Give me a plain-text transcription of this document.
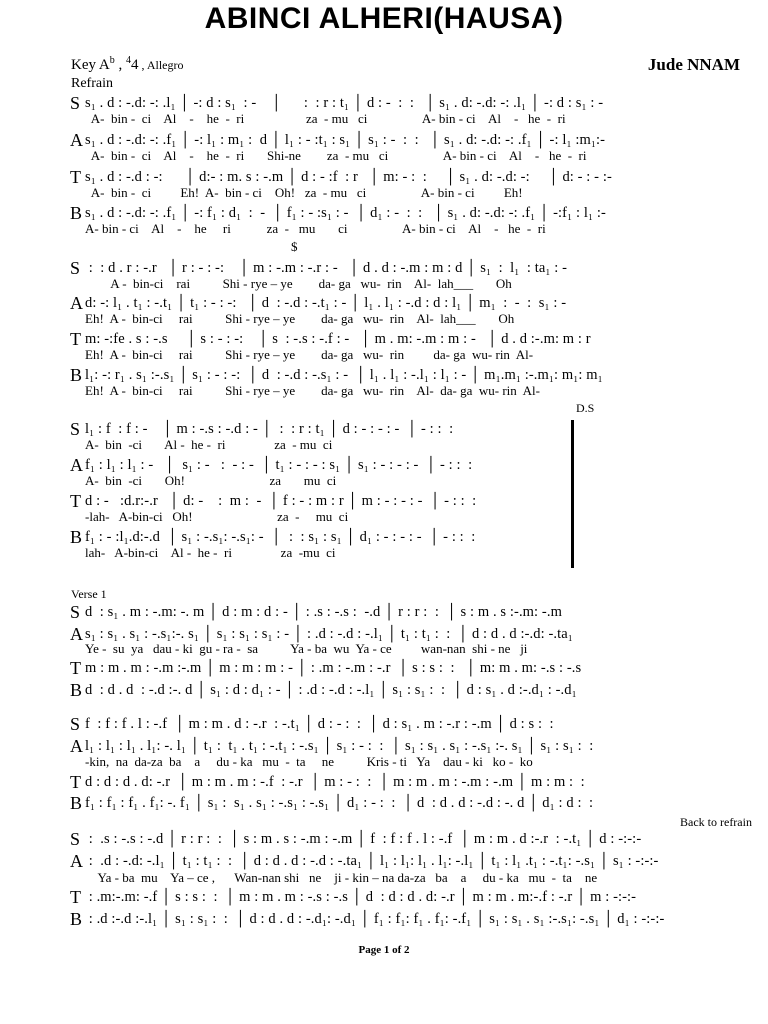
ABINCI ALHERI(HAUSA)
Key $A^b$ , $^4$4 , Allegro	Jude NNAM
Refrain
$
S s₁ . d : -.d: -: .l₁ │ -: d : s₁  : -    │      :  : r : t₁ │ d : -  :  :   │ s₁ . d: -.d: -: .l₁ │ -: d : s₁ : -
A-  bin -  ci    Al    -    he  -  ri                   za  - mu   ci                 A- bin - ci    Al    -   he  -  ri
A s₁ . d : -.d: -: .f₁ │ -: l₁ : m₁ :  d │ l₁ : - :t₁ : s₁ │ s₁ : -  :  :   │ s₁ . d: -.d: -: .f₁ │ -: l₁ :m₁:-
A-  bin -  ci    Al    -    he  -  ri       Shi-ne        za  - mu   ci                 A- bin - ci    Al    -   he  -  ri
T s₁ . d : -.d : -:      │ d:- : m. s : -.m │ d : - :f  : r   │ m: - :  :     │ s₁ . d: -.d: -:     │ d: - : - :-
A-  bin -  ci         Eh!  A-  bin - ci    Oh!   za  - mu   ci                 A- bin - ci         Eh!
B s₁ . d : -.d: -: .f₁ │ -: f₁ : d₁  :  -  │ f₁ : - :s₁ : -  │ d₁ : -  :  :   │ s₁ . d: -.d: -: .f₁ │ -:f₁ : l₁ :-
A- bin - ci    Al    -    he     ri           za  -   mu       ci                 A- bin - ci    Al    -   he  -  ri
S :  : d . r : -.r   │ r : - : -:    │ m : -.m : -.r : -   │ d . d : -.m : m : d │ s₁  :  l₁  : ta₁ : -
A -  bin-ci    rai          Shi - rye – ye        da- ga   wu-  rin    Al-  lah___       Oh
A d: -: l₁ . t₁ : -.t₁ │ t₁ : - : -:   │ d  : -.d : -.t₁ : - │ l₁ . l₁ : -.d : d : l₁ │ m₁  :  -  :  s₁ : -
Eh!  A -  bin-ci     rai          Shi - rye – ye        da- ga   wu-  rin    Al-  lah___       Oh
T m: -:fe . s : -.s     │ s : - : -:    │ s  : -.s : -.f : -   │ m . m: -.m : m : -   │ d . d :-.m: m : r
Eh!  A -  bin-ci     rai          Shi - rye – ye        da- ga   wu-  rin         da- ga  wu- rin  Al-
B l₁: -: r₁ . s₁ :-.s₁ │ s₁ : - : -:  │ d  : -.d : -.s₁ : -  │ l₁ . l₁ : -.l₁ : l₁ : - │ m₁.m₁ :-.m₁: m₁: m₁
Eh!  A -  bin-ci     rai          Shi - rye – ye        da- ga   wu-  rin    Al-  da- ga  wu- rin  Al-
D.S
S l₁ : f  : f : -    │ m : -.s : -.d : - │  :  : r : t₁ │ d : - : - : -  │ - : :  :
A-  bin  -ci       Al -  he -  ri               za  - mu  ci
A f₁ : l₁ : l₁ : -   │  s₁ : -   :  - : -  │ t₁ : - : - : s₁ │ s₁ : - : - : -  │ - : :  :
A-  bin  -ci       Oh!                          za       mu  ci
T d : -   :d.r:-.r   │ d: -    :  m :  -  │ f : - : m : r │ m : - : - : -  │ - : :  :
-lah-   A-bin-ci   Oh!                          za  -     mu  ci
B f₁ : - :l₁.d:-.d  │ s₁ : -.s₁: -.s₁: -  │  :  : s₁ : s₁ │ d₁ : - : - : -  │ - : :  :
lah-   A-bin-ci    Al -  he -  ri               za  -mu  ci
Verse 1
S d  : s₁ . m : -.m: -. m │ d : m : d : - │ : .s : -.s :  -.d │ r : r :  :  │ s : m . s :-.m: -.m
A s₁ : s₁ . s₁ : -.s₁:-. s₁ │ s₁ : s₁ : s₁ : - │ : .d : -.d : -.l₁ │ t₁ : t₁ :  :  │ d : d . d :-.d: -.ta₁
Ye -  su  ya   dau - ki  gu - ra -  sa          Ya - ba  wu  Ya - ce         wan-nan  shi - ne   ji
T m : m . m : -.m :-.m │ m : m : m : - │ : .m : -.m : -.r  │ s : s :  :   │ m: m . m: -.s : -.s
B d  : d . d  : -.d :-. d │ s₁ : d : d₁ : - │ : .d : -.d : -.l₁ │ s₁ : s₁ :  :  │ d : s₁ . d :-.d₁ : -.d₁
S f  : f : f . l : -.f  │ m : m . d : -.r  : -.t₁ │ d : - :  :  │ d : s₁ . m : -.r : -.m │ d : s :  :
A l₁ : l₁ : l₁ . l₁: -. l₁ │ t₁ :  t₁ . t₁ : -.t₁ : -.s₁ │ s₁ : - :  :  │ s₁ : s₁ . s₁ : -.s₁ :-. s₁ │ s₁ : s₁ :  :
-kin,  na  da-za  ba    a     du - ka   mu  -  ta     ne          Kris - ti   Ya    dau - ki   ko -  ko
T d : d : d . d: -.r  │ m : m . m : -.f  : -.r  │ m : - :  :  │ m : m . m : -.m : -.m │ m : m :  :
B f₁ : f₁ : f₁ . f₁: -. f₁ │ s₁ :  s₁ . s₁ : -.s₁ : -.s₁ │ d₁ : - :  :  │ d  : d . d : -.d : -. d │ d₁ : d :  :
Back to refrain
S :  .s : -.s : -.d │ r : r :  :  │ s : m . s : -.m : -.m │ f  : f : f . l : -.f  │ m : m . d :-.r  : -.t₁ │ d : -:-:-
A :  .d : -.d: -.l₁ │ t₁ : t₁ :  :  │ d : d . d : -.d : -.ta₁ │ l₁ : l₁: l₁ . l₁: -.l₁ │ t₁ : l₁ .t₁ : -.t₁: -.s₁ │ s₁ : -:-:-
Ya - ba  mu    Ya – ce ,      Wan-nan shi   ne    ji - kin – na da-za   ba    a     du - ka   mu  -  ta    ne
T : .m:-.m: -.f │ s : s :  :  │ m : m . m : -.s : -.s │ d  : d : d . d: -.r │ m : m . m:-.f : -.r │ m : -:-:-
B : .d :-.d :-.l₁ │ s₁ : s₁ :  :  │ d : d . d : -.d₁: -.d₁ │ f₁ : f₁: f₁ . f₁: -.f₁ │ s₁ : s₁ . s₁ :-.s₁: -.s₁ │ d₁ : -:-:-
Page 1 of 2
